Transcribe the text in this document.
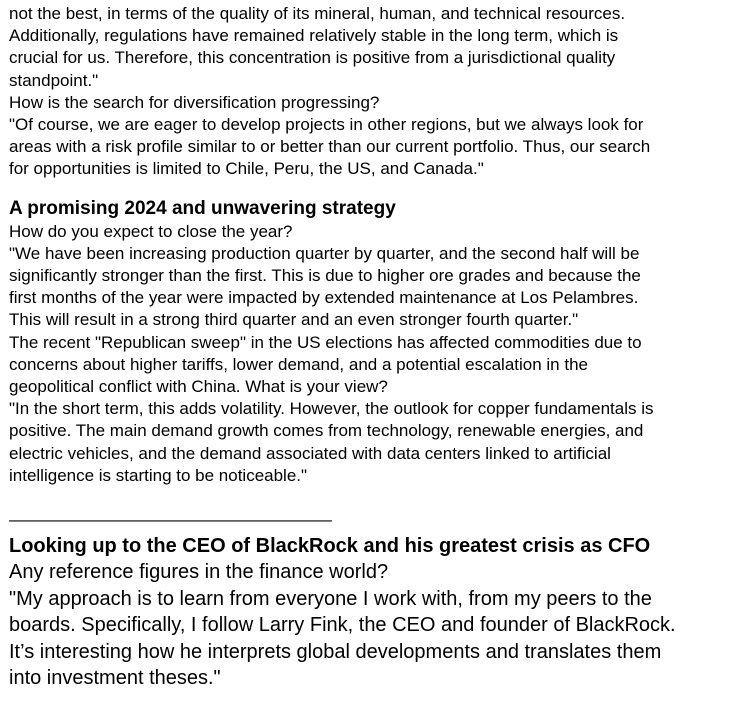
not the best, in terms of the quality of its mineral, human, and technical resources.

Additionally, regulations have remained relatively stable in the long term, which is

crucial for us. Therefore, this concentration is positive from a jurisdictional quality

standpoint."

How is the search for diversification progressing?

"Of course, we are eager to develop projects in other regions, but we always look for

areas with a risk profile similar to or better than our current portfolio. Thus, our search

for opportunities is limited to Chile, Peru, the US, and Canada."

A promising 2024 and unwavering strategy

How do you expect to close the year?

"We have been increasing production quarter by quarter, and the second half will be

significantly stronger than the first. This is due to higher ore grades and because the

first months of the year were impacted by extended maintenance at Los Pelambres.

This will result in a strong third quarter and an even stronger fourth quarter."

The recent "Republican sweep" in the US elections has affected commodities due to

concerns about higher tariffs, lower demand, and a potential escalation in the

geopolitical conflict with China. What is your view?

"In the short term, this adds volatility. However, the outlook for copper fundamentals is

positive. The main demand growth comes from technology, renewable energies, and

electric vehicles, and the demand associated with data centers linked to artificial

intelligence is starting to be noticeable."

———————————————————

Looking up to the CEO of BlackRock and his greatest crisis as CFO

Any reference figures in the finance world?

"My approach is to learn from everyone I work with, from my peers to the

boards. Specifically, I follow Larry Fink, the CEO and founder of BlackRock.

It’s interesting how he interprets global developments and translates them

into investment theses."
